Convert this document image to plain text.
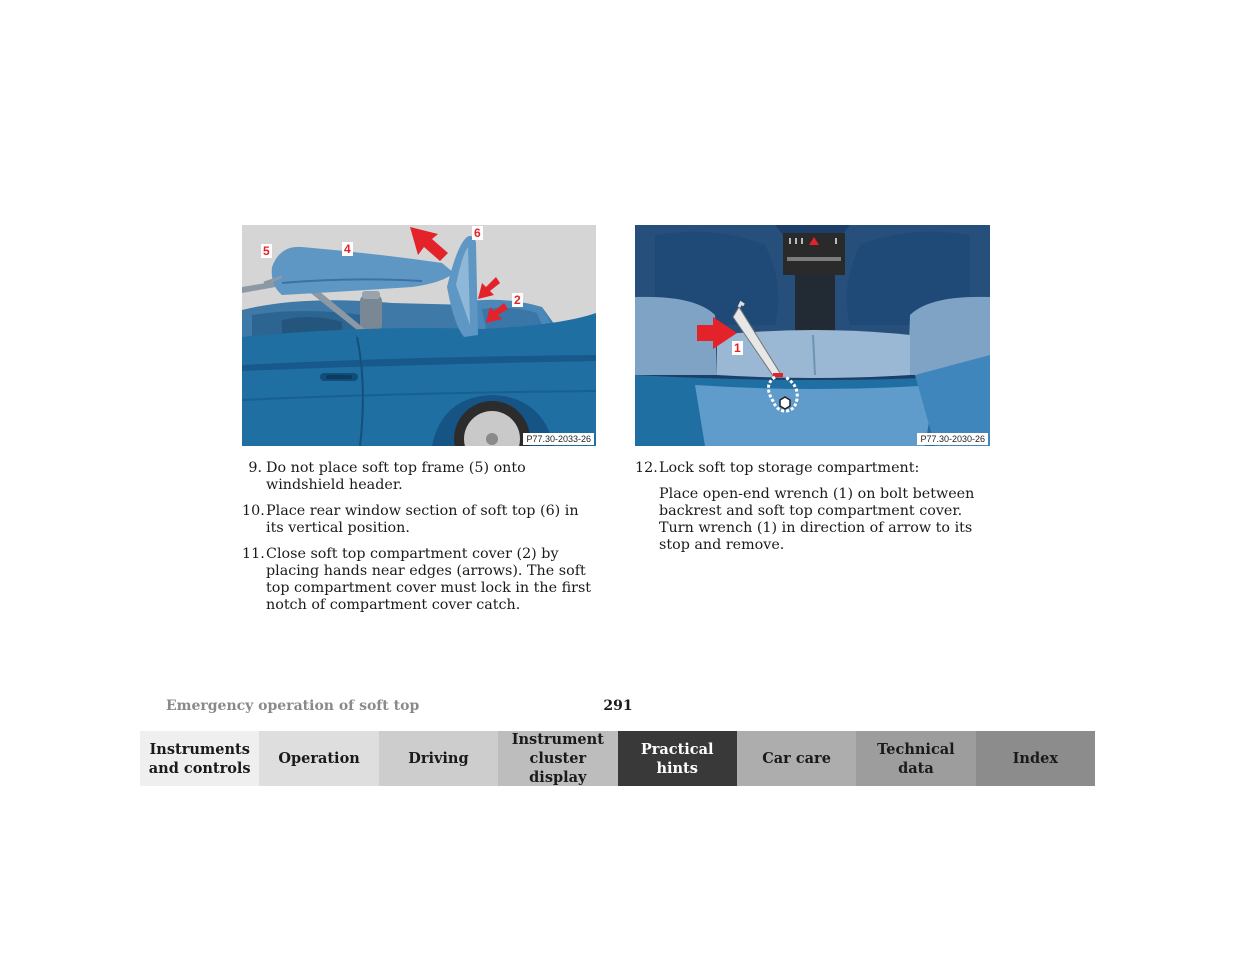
5	4
6
2
P77.30-2033-26
1
P77.30-2030-26
9. Do not place soft top frame (5) onto windshield header.
10. Place rear window section of soft top (6) in its vertical position.
11. Close soft top compartment cover (2) by placing hands near edges (arrows). The soft top compartment cover must lock in the first notch of compartment cover catch.
12. Lock soft top storage compartment:
Place open-end wrench (1) on bolt between backrest and soft top compartment cover. Turn wrench (1) in direction of arrow to its stop and remove.
Emergency operation of soft top	291
Instruments and controls
Operation	Driving
Instrument cluster display
Practical hints
Car care
Technical data
Index
